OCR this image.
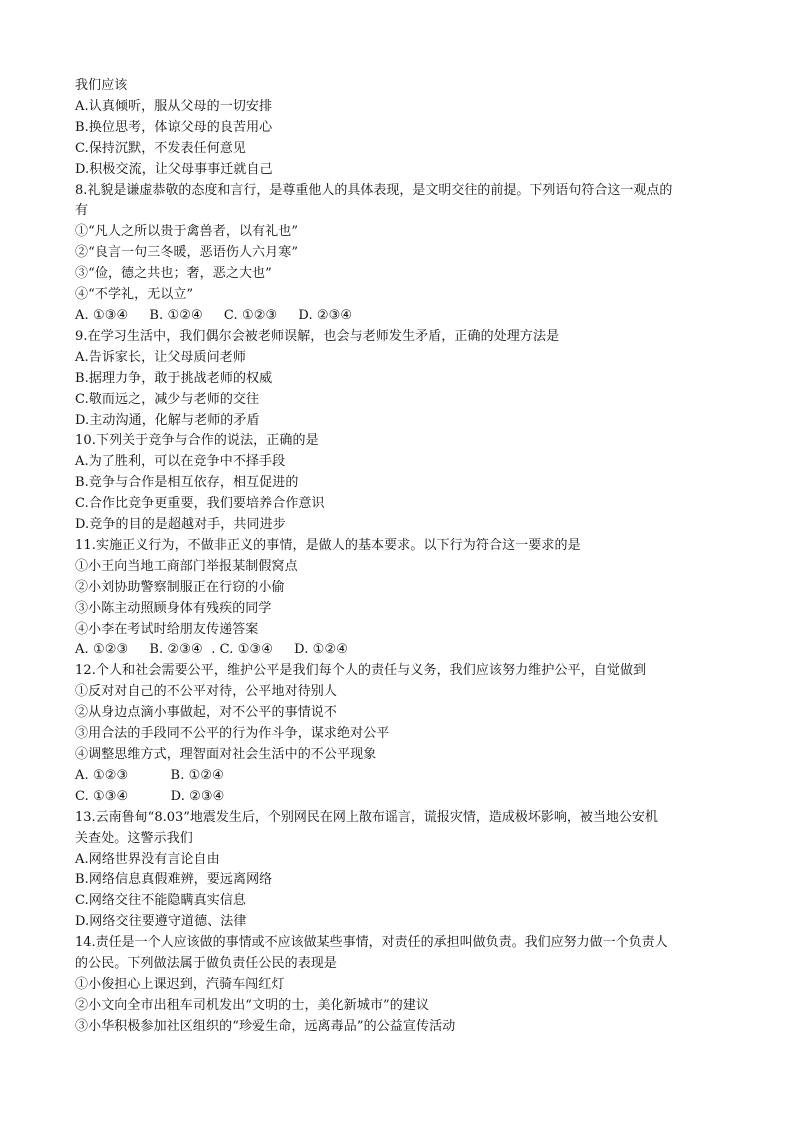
我们应该
A.认真倾听，服从父母的一切安排
B.换位思考，体谅父母的良苦用心
C.保持沉默，不发表任何意见
D.积极交流，让父母事事迁就自己
8.礼貌是谦虚恭敬的态度和言行，是尊重他人的具体表现，是文明交往的前提。下列语句符合这一观点的
有
①“凡人之所以贵于禽兽者，以有礼也”
②“良言一句三冬暖，恶语伤人六月寒”
③“俭，德之共也；奢，恶之大也”
④“不学礼，无以立”
A. ①③④     B. ①②④     C. ①②③     D. ②③④
9.在学习生活中，我们偶尔会被老师误解，也会与老师发生矛盾，正确的处理方法是
A.告诉家长，让父母质问老师
B.据理力争，敢于挑战老师的权威
C.敬而远之，减少与老师的交往
D.主动沟通，化解与老师的矛盾
10.下列关于竞争与合作的说法，正确的是
A.为了胜利，可以在竞争中不择手段
B.竞争与合作是相互依存，相互促进的
C.合作比竞争更重要，我们要培养合作意识
D.竞争的目的是超越对手，共同进步
11.实施正义行为，不做非正义的事情，是做人的基本要求。以下行为符合这一要求的是
①小王向当地工商部门举报某制假窝点
②小刘协助警察制服正在行窃的小偷
③小陈主动照顾身体有残疾的同学
④小李在考试时给朋友传递答案
A. ①②③     B. ②③④  . C. ①③④     D. ①②④
12.个人和社会需要公平，维护公平是我们每个人的责任与义务，我们应该努力维护公平，自觉做到
①反对对自己的不公平对待，公平地对待别人
②从身边点滴小事做起，对不公平的事情说不
③用合法的手段同不公平的行为作斗争，谋求绝对公平
④调整思维方式，理智面对社会生活中的不公平现象
A. ①②③          B. ①②④
C. ①③④          D. ②③④
13.云南鲁甸“8.03”地震发生后，个别网民在网上散布谣言，谎报灾情，造成极坏影响，被当地公安机
关查处。这警示我们
A.网络世界没有言论自由
B.网络信息真假难辨，要远离网络
C.网络交往不能隐瞒真实信息
D.网络交往要遵守道德、法律
14.责任是一个人应该做的事情或不应该做某些事情，对责任的承担叫做负责。我们应努力做一个负责人
的公民。下列做法属于做负责任公民的表现是
①小俊担心上课迟到，汽骑车闯红灯
②小文向全市出租车司机发出“文明的士，美化新城市”的建议
③小华积极参加社区组织的“珍爱生命，远离毒品”的公益宣传活动
